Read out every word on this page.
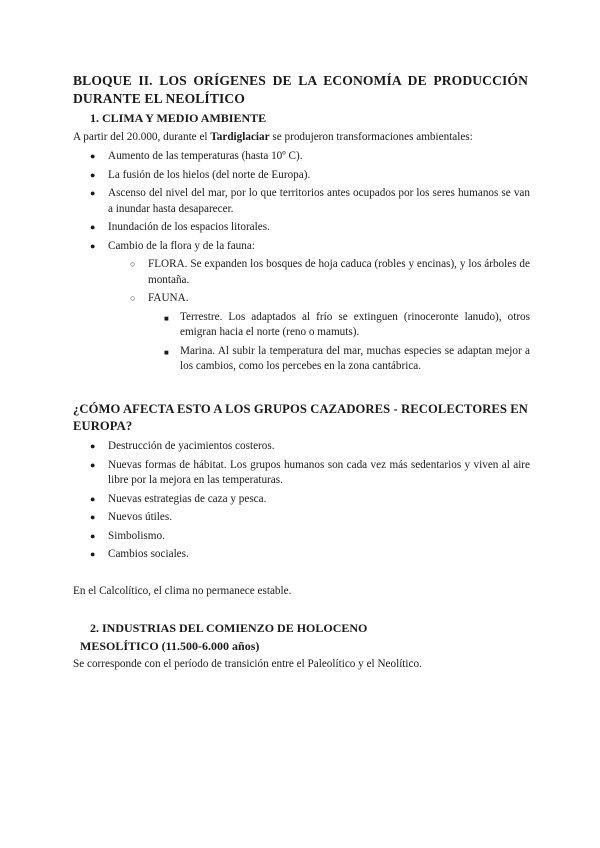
BLOQUE II. LOS ORÍGENES DE LA ECONOMÍA DE PRODUCCIÓN
DURANTE EL NEOLÍTICO
1. CLIMA Y MEDIO AMBIENTE
A partir del 20.000, durante el Tardiglaciar se produjeron transformaciones ambientales:
● Aumento de las temperaturas (hasta 10º C).
● La fusión de los hielos (del norte de Europa).
● Ascenso del nivel del mar, por lo que territorios antes ocupados por los seres humanos se van a inundar hasta desaparecer.
● Inundación de los espacios litorales.
● Cambio de la flora y de la fauna:
○ FLORA. Se expanden los bosques de hoja caduca (robles y encinas), y los árboles de montaña.
○ FAUNA.
■ Terrestre. Los adaptados al frío se extinguen (rinoceronte lanudo), otros emigran hacia el norte (reno o mamuts).
■ Marina. Al subir la temperatura del mar, muchas especies se adaptan mejor a los cambios, como los percebes en la zona cantábrica.
¿CÓMO AFECTA ESTO A LOS GRUPOS CAZADORES - RECOLECTORES EN
EUROPA?
● Destrucción de yacimientos costeros.
● Nuevas formas de hábitat. Los grupos humanos son cada vez más sedentarios y viven al aire libre por la mejora en las temperaturas.
● Nuevas estrategias de caza y pesca.
● Nuevos útiles.
● Simbolismo.
● Cambios sociales.
En el Calcolítico, el clima no permanece estable.
2. INDUSTRIAS DEL COMIENZO DE HOLOCENO
MESOLÍTICO (11.500-6.000 años)
Se corresponde con el período de transición entre el Paleolítico y el Neolítico.
